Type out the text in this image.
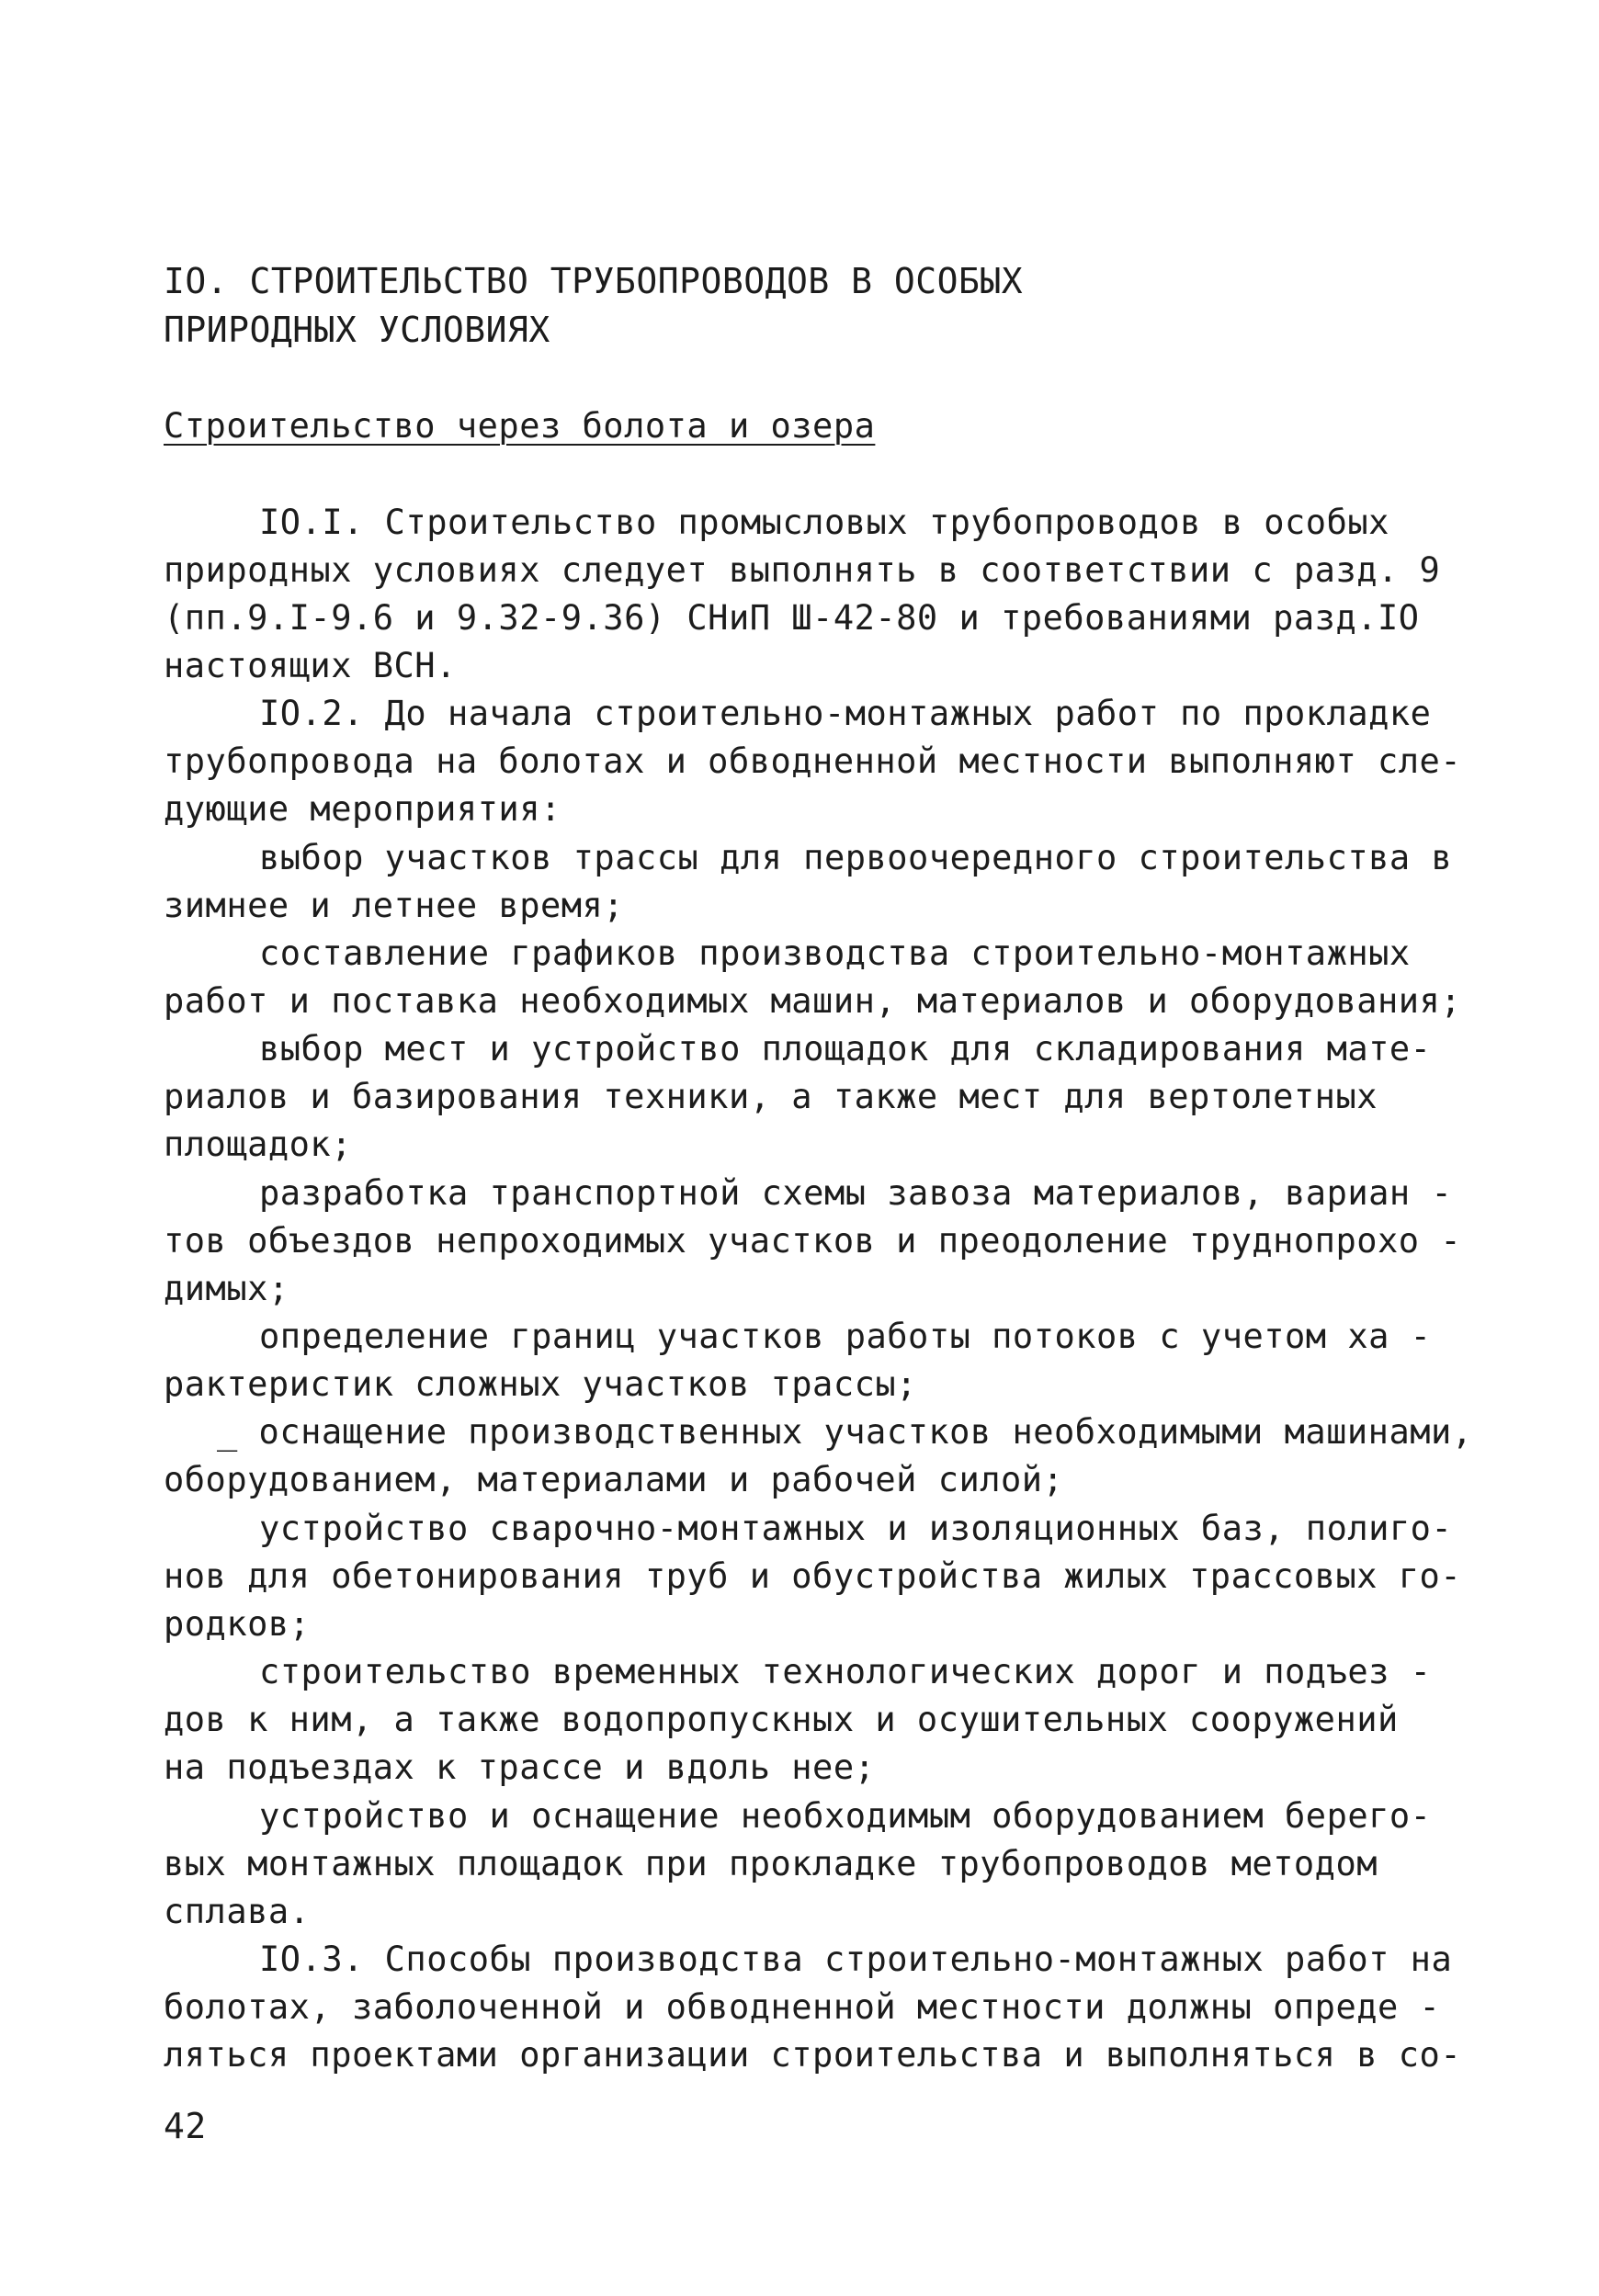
IO. СТРОИТЕЛЬСТВО ТРУБОПРОВОДОВ В ОСОБЫХ
ПРИРОДНЫХ УСЛОВИЯХ
Строительство через болота и озера
IO.I. Строительство промысловых трубопроводов в особых
природных условиях следует выполнять в соответствии с разд. 9
(пп.9.I-9.6 и 9.32-9.36) СНиП Ш-42-80 и требованиями разд.IO
настоящих ВСН.
IO.2. До начала строительно-монтажных работ по прокладке
трубопровода на болотах и обводненной местности выполняют сле-
дующие мероприятия:
выбор участков трассы для первоочередного строительства в
зимнее и летнее время;
составление графиков производства строительно-монтажных
работ и поставка необходимых машин, материалов и оборудования;
выбор мест и устройство площадок для складирования мате-
риалов и базирования техники, а также мест для вертолетных
площадок;
разработка транспортной схемы завоза материалов, вариан -
тов объездов непроходимых участков и преодоление труднопрохо -
димых;
определение границ участков работы потоков с учетом ха -
рактеристик сложных участков трассы;
_ оснащение производственных участков необходимыми машинами,
оборудованием, материалами и рабочей силой;
устройство сварочно-монтажных и изоляционных баз, полиго-
нов для обетонирования труб и обустройства жилых трассовых го-
родков;
строительство временных технологических дорог и подъез -
дов к ним, а также водопропускных и осушительных сооружений
на подъездах к трассе и вдоль нее;
устройство и оснащение необходимым оборудованием берего-
вых монтажных площадок при прокладке трубопроводов методом
сплава.
IO.3. Способы производства строительно-монтажных работ на
болотах, заболоченной и обводненной местности должны опреде -
ляться проектами организации строительства и выполняться в со-
42
